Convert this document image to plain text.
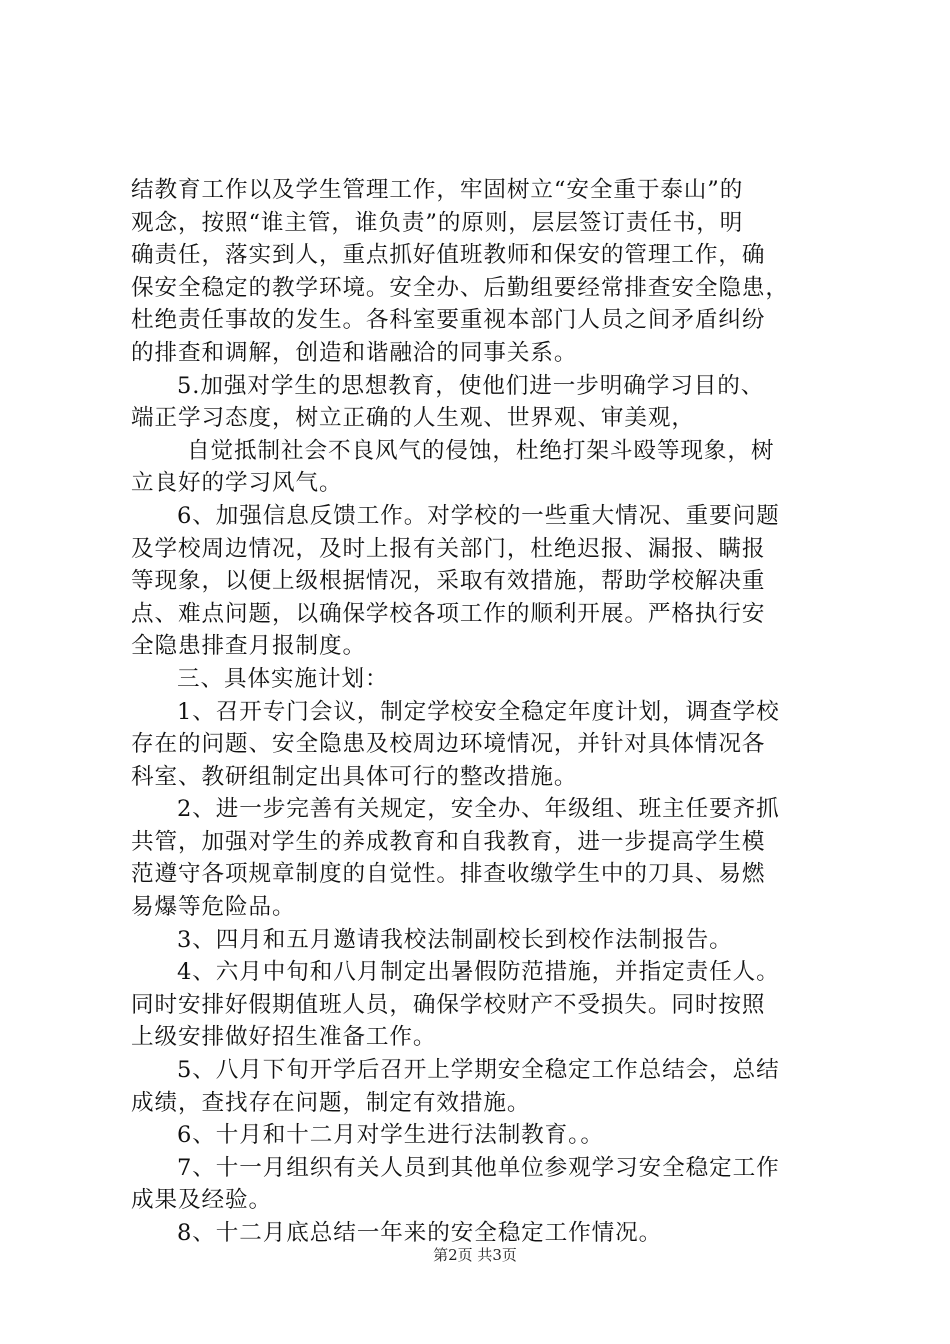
结教育工作以及学生管理工作，牢固树立“安全重于泰山”的
观念，按照“谁主管，谁负责”的原则，层层签订责任书，明
确责任，落实到人，重点抓好值班教师和保安的管理工作，确
保安全稳定的教学环境。安全办、后勤组要经常排查安全隐患，
杜绝责任事故的发生。各科室要重视本部门人员之间矛盾纠纷
的排查和调解，创造和谐融洽的同事关系。
5.加强对学生的思想教育，使他们进一步明确学习目的、
端正学习态度，树立正确的人生观、世界观、审美观，
自觉抵制社会不良风气的侵蚀，杜绝打架斗殴等现象，树
立良好的学习风气。
6、加强信息反馈工作。对学校的一些重大情况、重要问题
及学校周边情况，及时上报有关部门，杜绝迟报、漏报、瞒报
等现象，以便上级根据情况，采取有效措施，帮助学校解决重
点、难点问题，以确保学校各项工作的顺利开展。严格执行安
全隐患排查月报制度。
三、具体实施计划：
1、召开专门会议，制定学校安全稳定年度计划，调查学校
存在的问题、安全隐患及校周边环境情况，并针对具体情况各
科室、教研组制定出具体可行的整改措施。
2、进一步完善有关规定，安全办、年级组、班主任要齐抓
共管，加强对学生的养成教育和自我教育，进一步提高学生模
范遵守各项规章制度的自觉性。排查收缴学生中的刀具、易燃
易爆等危险品。
3、四月和五月邀请我校法制副校长到校作法制报告。
4、六月中旬和八月制定出暑假防范措施，并指定责任人。
同时安排好假期值班人员，确保学校财产不受损失。同时按照
上级安排做好招生准备工作。
5、八月下旬开学后召开上学期安全稳定工作总结会，总结
成绩，查找存在问题，制定有效措施。
6、十月和十二月对学生进行法制教育。。
7、十一月组织有关人员到其他单位参观学习安全稳定工作
成果及经验。
8、十二月底总结一年来的安全稳定工作情况。
第2页 共3页
